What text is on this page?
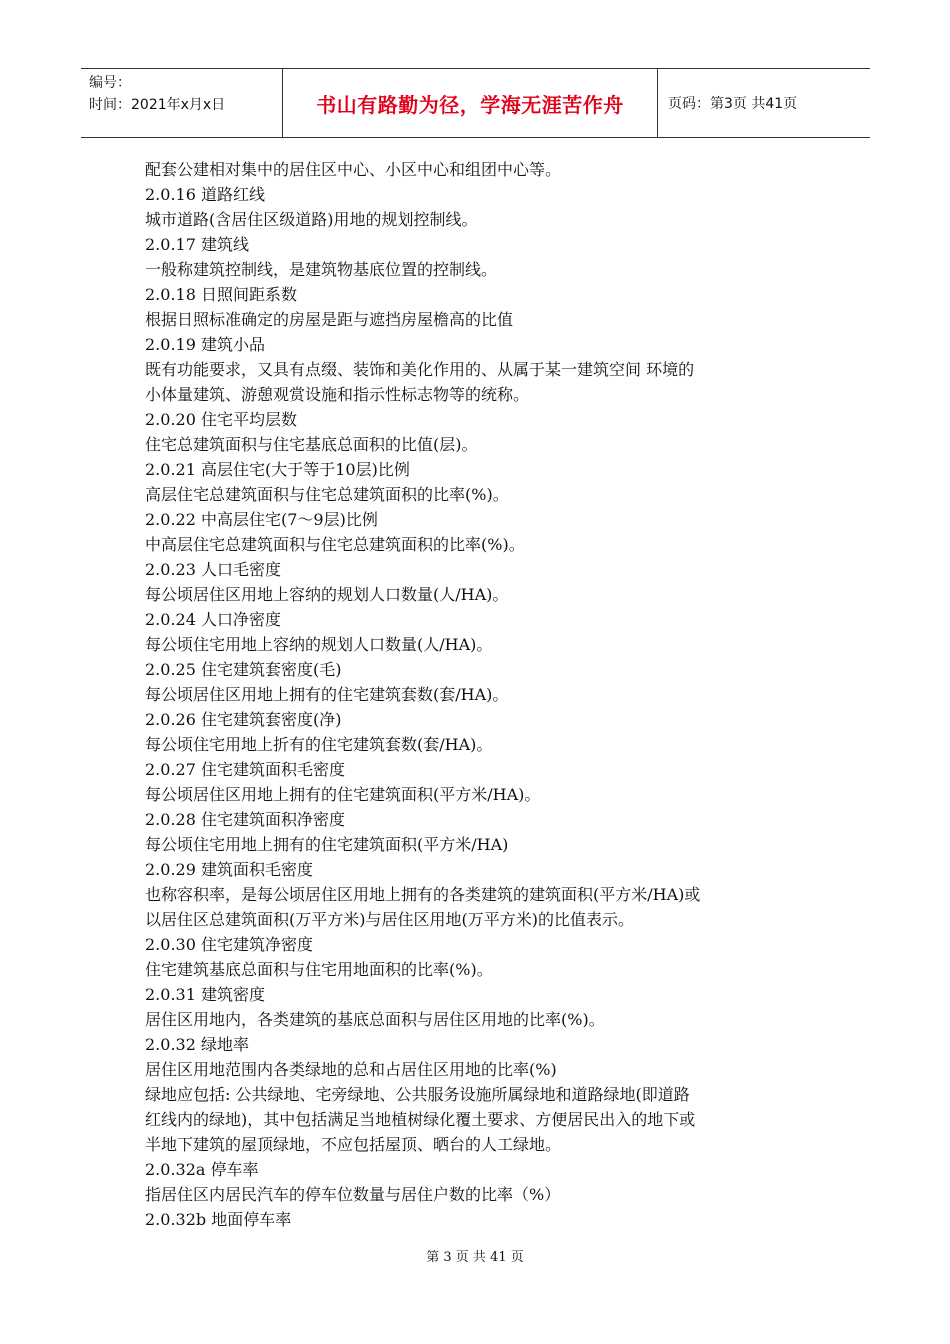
编号：
时间：2021年x月x日	书山有路勤为径，学海无涯苦作舟	页码：第3页 共41页
配套公建相对集中的居住区中心、小区中心和组团中心等。
2.0.16 道路红线
城市道路(含居住区级道路)用地的规划控制线。
2.0.17 建筑线
一般称建筑控制线，是建筑物基底位置的控制线。
2.0.18 日照间距系数
根据日照标准确定的房屋是距与遮挡房屋檐高的比值
2.0.19 建筑小品
既有功能要求，又具有点缀、装饰和美化作用的、从属于某一建筑空间 环境的
小体量建筑、游憩观赏设施和指示性标志物等的统称。
2.0.20 住宅平均层数
住宅总建筑面积与住宅基底总面积的比值(层)。
2.0.21 高层住宅(大于等于10层)比例
高层住宅总建筑面积与住宅总建筑面积的比率(%)。
2.0.22 中高层住宅(7～9层)比例
中高层住宅总建筑面积与住宅总建筑面积的比率(%)。
2.0.23 人口毛密度
每公顷居住区用地上容纳的规划人口数量(人/HA)。
2.0.24 人口净密度
每公顷住宅用地上容纳的规划人口数量(人/HA)。
2.0.25 住宅建筑套密度(毛)
每公顷居住区用地上拥有的住宅建筑套数(套/HA)。
2.0.26 住宅建筑套密度(净)
每公顷住宅用地上折有的住宅建筑套数(套/HA)。
2.0.27 住宅建筑面积毛密度
每公顷居住区用地上拥有的住宅建筑面积(平方米/HA)。
2.0.28 住宅建筑面积净密度
每公顷住宅用地上拥有的住宅建筑面积(平方米/HA)
2.0.29 建筑面积毛密度
也称容积率，是每公顷居住区用地上拥有的各类建筑的建筑面积(平方米/HA)或
以居住区总建筑面积(万平方米)与居住区用地(万平方米)的比值表示。
2.0.30 住宅建筑净密度
住宅建筑基底总面积与住宅用地面积的比率(%)。
2.0.31 建筑密度
居住区用地内，各类建筑的基底总面积与居住区用地的比率(%)。
2.0.32 绿地率
居住区用地范围内各类绿地的总和占居住区用地的比率(%)
绿地应包括: 公共绿地、宅旁绿地、公共服务设施所属绿地和道路绿地(即道路
红线内的绿地)，其中包括满足当地植树绿化覆土要求、方便居民出入的地下或
半地下建筑的屋顶绿地，不应包括屋顶、晒台的人工绿地。
2.0.32a 停车率
指居住区内居民汽车的停车位数量与居住户数的比率（%）
2.0.32b 地面停车率
第 3 页 共 41 页
